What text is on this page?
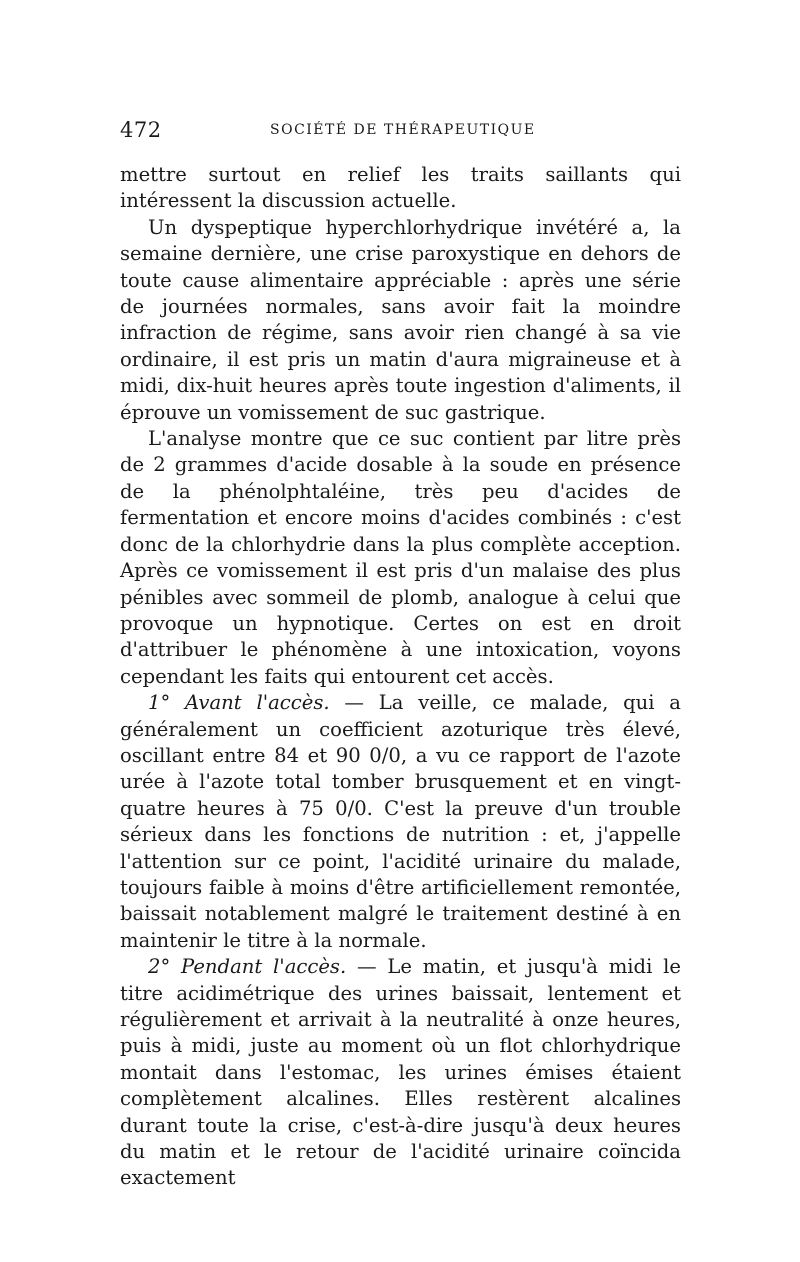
472	SOCIÉTÉ DE THÉRAPEUTIQUE

mettre surtout en relief les traits saillants qui intéressent la discussion actuelle.

Un dyspeptique hyperchlorhydrique invétéré a, la semaine dernière, une crise paroxystique en dehors de toute cause alimentaire appréciable : après une série de journées normales, sans avoir fait la moindre infraction de régime, sans avoir rien changé à sa vie ordinaire, il est pris un matin d'aura migraineuse et à midi, dix-huit heures après toute ingestion d'aliments, il éprouve un vomissement de suc gastrique.

L'analyse montre que ce suc contient par litre près de 2 grammes d'acide dosable à la soude en présence de la phénolphtaléine, très peu d'acides de fermentation et encore moins d'acides combinés : c'est donc de la chlorhydrie dans la plus complète acception. Après ce vomissement il est pris d'un malaise des plus pénibles avec sommeil de plomb, analogue à celui que provoque un hypnotique. Certes on est en droit d'attribuer le phénomène à une intoxication, voyons cependant les faits qui entourent cet accès.

1° Avant l'accès. — La veille, ce malade, qui a généralement un coefficient azoturique très élevé, oscillant entre 84 et 90 0/0, a vu ce rapport de l'azote urée à l'azote total tomber brusquement et en vingt-quatre heures à 75 0/0. C'est la preuve d'un trouble sérieux dans les fonctions de nutrition : et, j'appelle l'attention sur ce point, l'acidité urinaire du malade, toujours faible à moins d'être artificiellement remontée, baissait notablement malgré le traitement destiné à en maintenir le titre à la normale.

2° Pendant l'accès. — Le matin, et jusqu'à midi le titre acidimétrique des urines baissait, lentement et régulièrement et arrivait à la neutralité à onze heures, puis à midi, juste au moment où un flot chlorhydrique montait dans l'estomac, les urines émises étaient complètement alcalines. Elles restèrent alcalines durant toute la crise, c'est-à-dire jusqu'à deux heures du matin et le retour de l'acidité urinaire coïncida exactement
